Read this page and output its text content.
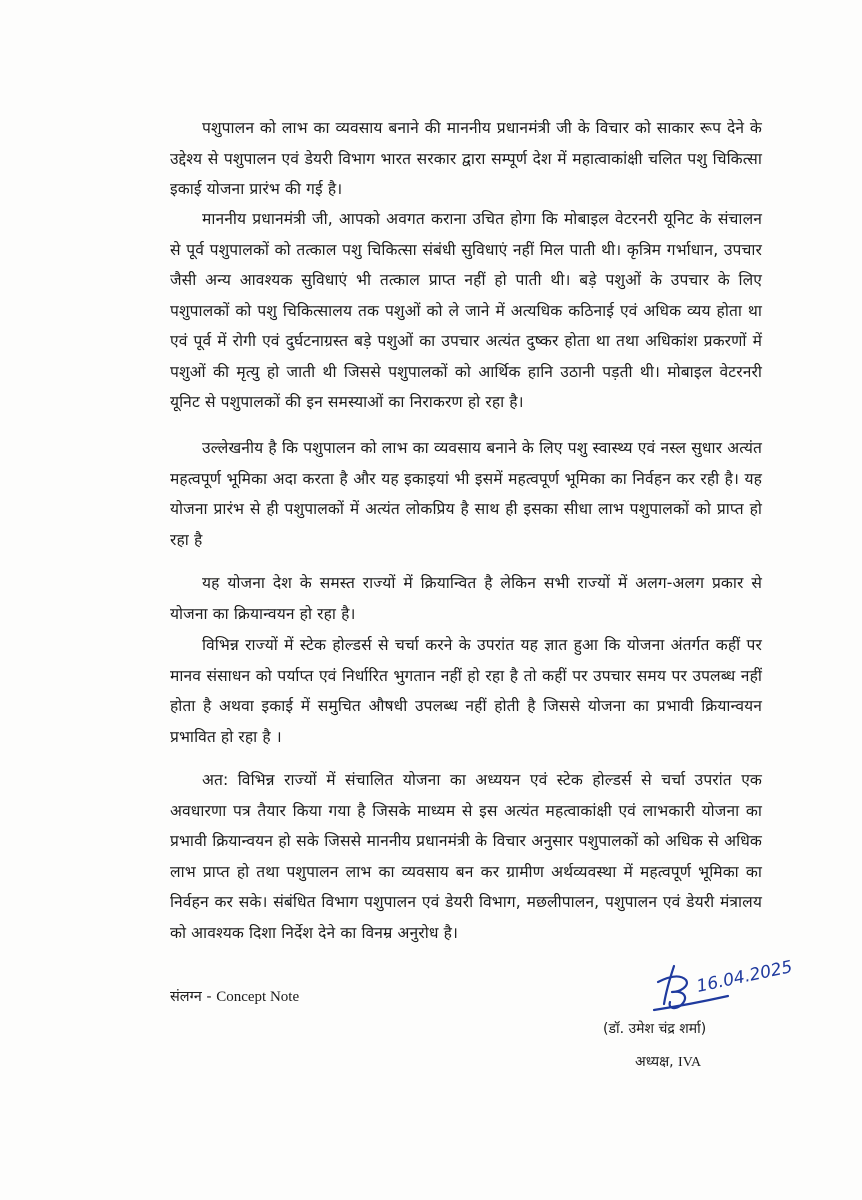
पशुपालन को लाभ का व्यवसाय बनाने की माननीय प्रधानमंत्री जी के विचार को साकार रूप देने के उद्देश्य से पशुपालन एवं डेयरी विभाग भारत सरकार द्वारा सम्पूर्ण देश में महात्वाकांक्षी चलित पशु चिकित्सा इकाई योजना प्रारंभ की गई है।

माननीय प्रधानमंत्री जी, आपको अवगत कराना उचित होगा कि मोबाइल वेटरनरी यूनिट के संचालन से पूर्व पशुपालकों को तत्काल पशु चिकित्सा संबंधी सुविधाएं नहीं मिल पाती थी। कृत्रिम गर्भाधान, उपचार जैसी अन्य आवश्यक सुविधाएं भी तत्काल प्राप्त नहीं हो पाती थी। बड़े पशुओं के उपचार के लिए पशुपालकों को पशु चिकित्सालय तक पशुओं को ले जाने में अत्यधिक कठिनाई एवं अधिक व्यय होता था एवं पूर्व में रोगी एवं दुर्घटनाग्रस्त बड़े पशुओं का उपचार अत्यंत दुष्कर होता था तथा अधिकांश प्रकरणों में पशुओं की मृत्यु हो जाती थी जिससे पशुपालकों को आर्थिक हानि उठानी पड़ती थी। मोबाइल वेटरनरी यूनिट से पशुपालकों की इन समस्याओं का निराकरण हो रहा है।

उल्लेखनीय है कि पशुपालन को लाभ का व्यवसाय बनाने के लिए पशु स्वास्थ्य एवं नस्ल सुधार अत्यंत महत्वपूर्ण भूमिका अदा करता है और यह इकाइयां भी इसमें महत्वपूर्ण भूमिका का निर्वहन कर रही है। यह योजना प्रारंभ से ही पशुपालकों में अत्यंत लोकप्रिय है साथ ही इसका सीधा लाभ पशुपालकों को प्राप्त हो रहा है

यह योजना देश के समस्त राज्यों में क्रियान्वित है लेकिन सभी राज्यों में अलग-अलग प्रकार से योजना का क्रियान्वयन हो रहा है।

विभिन्न राज्यों में स्टेक होल्डर्स से चर्चा करने के उपरांत यह ज्ञात हुआ कि योजना अंतर्गत कहीं पर मानव संसाधन को पर्याप्त एवं निर्धारित भुगतान नहीं हो रहा है तो कहीं पर उपचार समय पर उपलब्ध नहीं होता है अथवा इकाई में समुचित औषधी उपलब्ध नहीं होती है जिससे योजना का प्रभावी क्रियान्वयन प्रभावित हो रहा है ।

अत: विभिन्न राज्यों में संचालित योजना का अध्ययन एवं स्टेक होल्डर्स से चर्चा उपरांत एक अवधारणा पत्र तैयार किया गया है जिसके माध्यम से इस अत्यंत महत्वाकांक्षी एवं लाभकारी योजना का प्रभावी क्रियान्वयन हो सके जिससे माननीय प्रधानमंत्री के विचार अनुसार पशुपालकों को अधिक से अधिक लाभ प्राप्त हो तथा पशुपालन लाभ का व्यवसाय बन कर ग्रामीण अर्थव्यवस्था में महत्वपूर्ण भूमिका का निर्वहन कर सके। संबंधित विभाग पशुपालन एवं डेयरी विभाग, मछलीपालन, पशुपालन एवं डेयरी मंत्रालय को आवश्यक दिशा निर्देश देने का विनम्र अनुरोध है।

संलग्न - Concept Note
16.04.2025
(डॉ. उमेश चंद्र शर्मा)
अध्यक्ष, IVA
